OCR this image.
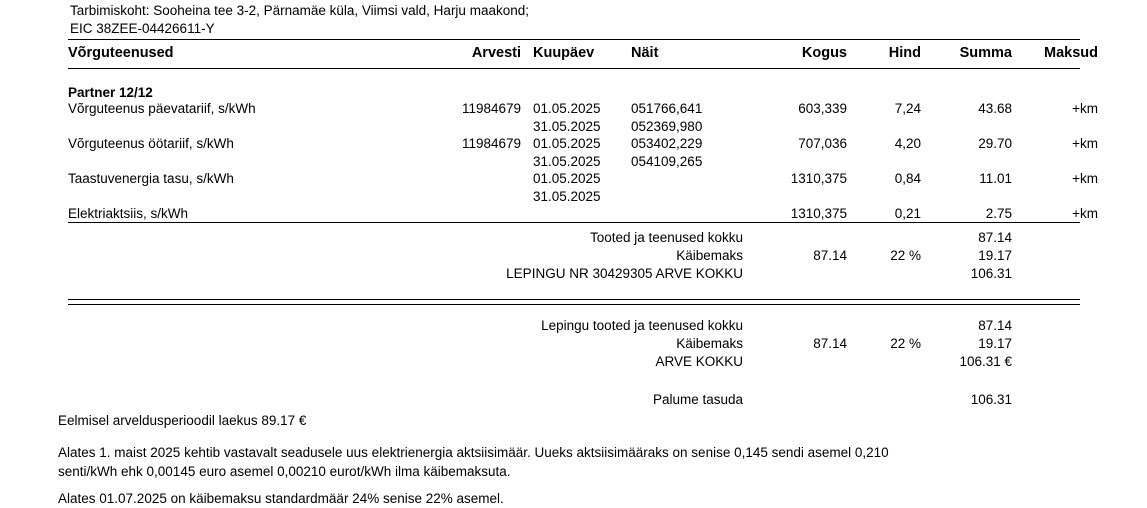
Tarbimiskoht: Sooheina tee 3-2, Pärnamäe küla, Viimsi vald, Harju maakond;
EIC 38ZEE-04426611-Y
Võrguteenused	Arvesti	Kuupäev	Näit	Kogus	Hind	Summa	Maksud
Partner 12/12
Võrguteenus päevatariif, s/kWh	11984679	01.05.2025	051766,641	603,339	7,24	43.68	+km
		31.05.2025	052369,980				
Võrguteenus öötariif, s/kWh	11984679	01.05.2025	053402,229	707,036	4,20	29.70	+km
		31.05.2025	054109,265				
Taastuvenergia tasu, s/kWh		01.05.2025		1310,375	0,84	11.01	+km
		31.05.2025					
Elektriaktsiis, s/kWh				1310,375	0,21	2.75	+km
Tooted ja teenused kokku			87.14	
Käibemaks	87.14	22 %	19.17	
LEPINGU NR 30429305 ARVE KOKKU			106.31	
Lepingu tooted ja teenused kokku			87.14	
Käibemaks	87.14	22 %	19.17	
ARVE KOKKU			106.31 €	

Palume tasuda			106.31	

Eelmisel arveldusperioodil laekus 89.17 €

Alates 1. maist 2025 kehtib vastavalt seadusele uus elektrienergia aktsiisimäär. Uueks aktsiisimääraks on senise 0,145 sendi asemel 0,210

senti/kWh ehk 0,00145 euro asemel 0,00210 eurot/kWh ilma käibemaksuta.

Alates 01.07.2025 on käibemaksu standardmäär 24% senise 22% asemel.
